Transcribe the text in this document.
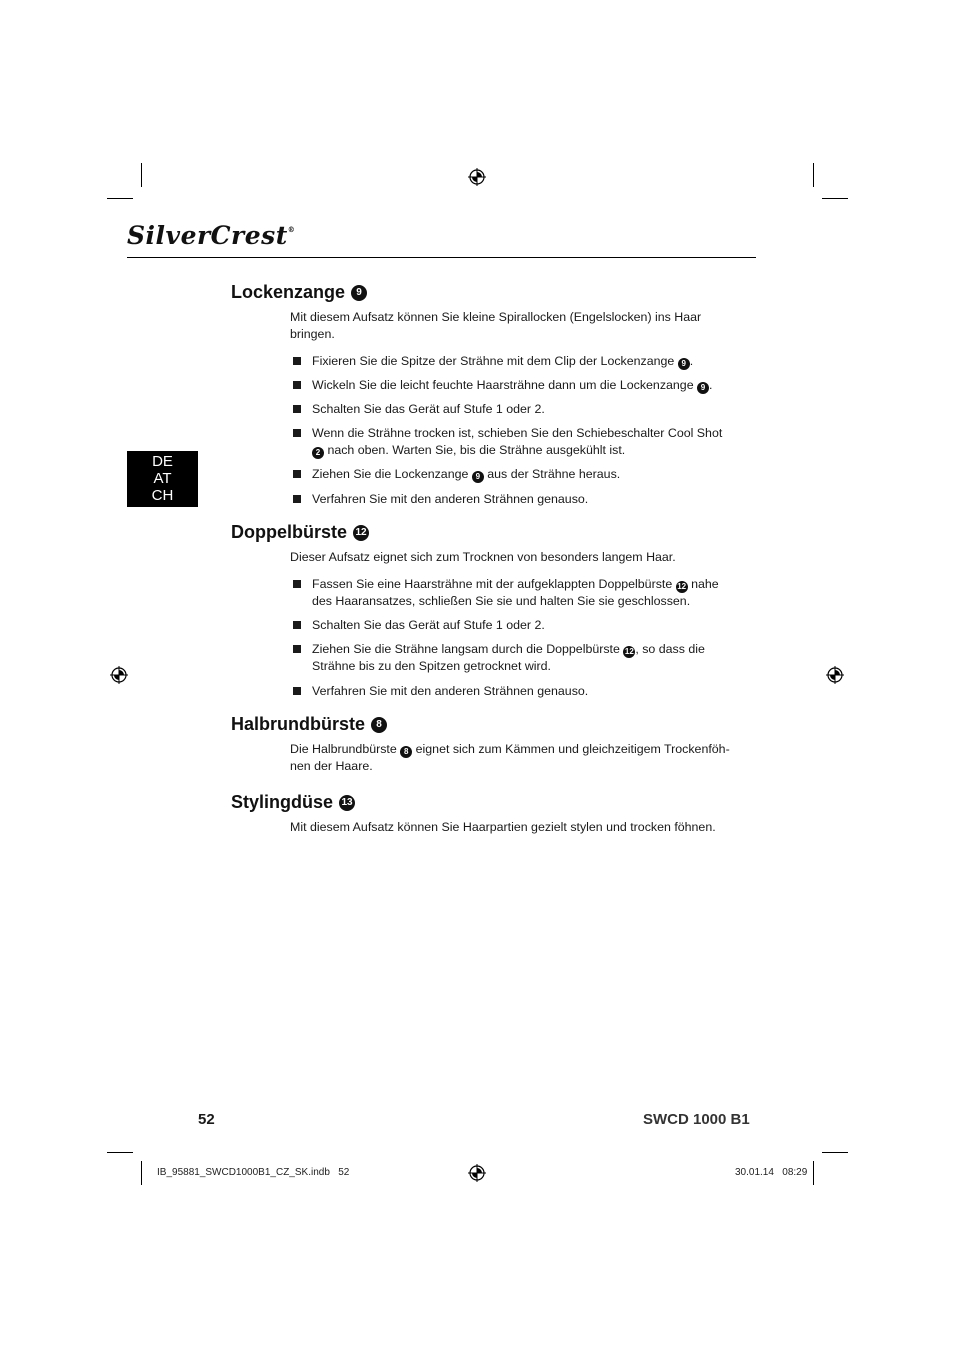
SilverCrest®
DE
AT
CH
Lockenzange	9
Mit diesem Aufsatz können Sie kleine Spirallocken (Engelslocken) ins Haar bringen.
Fixieren Sie die Spitze der Strähne mit dem Clip der Lockenzange 9 .
Wickeln Sie die leicht feuchte Haarsträhne dann um die Lockenzange 9 .
Schalten Sie das Gerät auf Stufe 1 oder 2.
Wenn die Strähne trocken ist, schieben Sie den Schiebeschalter Cool Shot 2 nach oben. Warten Sie, bis die Strähne ausgekühlt ist.
Ziehen Sie die Lockenzange 9 aus der Strähne heraus.
Verfahren Sie mit den anderen Strähnen genauso.
Doppelbürste 12
Dieser Aufsatz eignet sich zum Trocknen von besonders langem Haar.
Fassen Sie eine Haarsträhne mit der aufgeklappten Doppelbürste 12 nahe des Haaransatzes, schließen Sie sie und halten Sie sie geschlossen.
Schalten Sie das Gerät auf Stufe 1 oder 2.
Ziehen Sie die Strähne langsam durch die Doppelbürste 12 , so dass die Strähne bis zu den Spitzen getrocknet wird.
Verfahren Sie mit den anderen Strähnen genauso.
Halbrundbürste	8
Die Halbrundbürste 8 eignet sich zum Kämmen und gleichzeitigem Trockenföh-nen der Haare.
Stylingdüse 13
Mit diesem Aufsatz können Sie Haarpartien gezielt stylen und trocken föhnen.
52	SWCD 1000 B1
IB_95881_SWCD1000B1_CZ_SK.indb   52	30.01.14   08:29
